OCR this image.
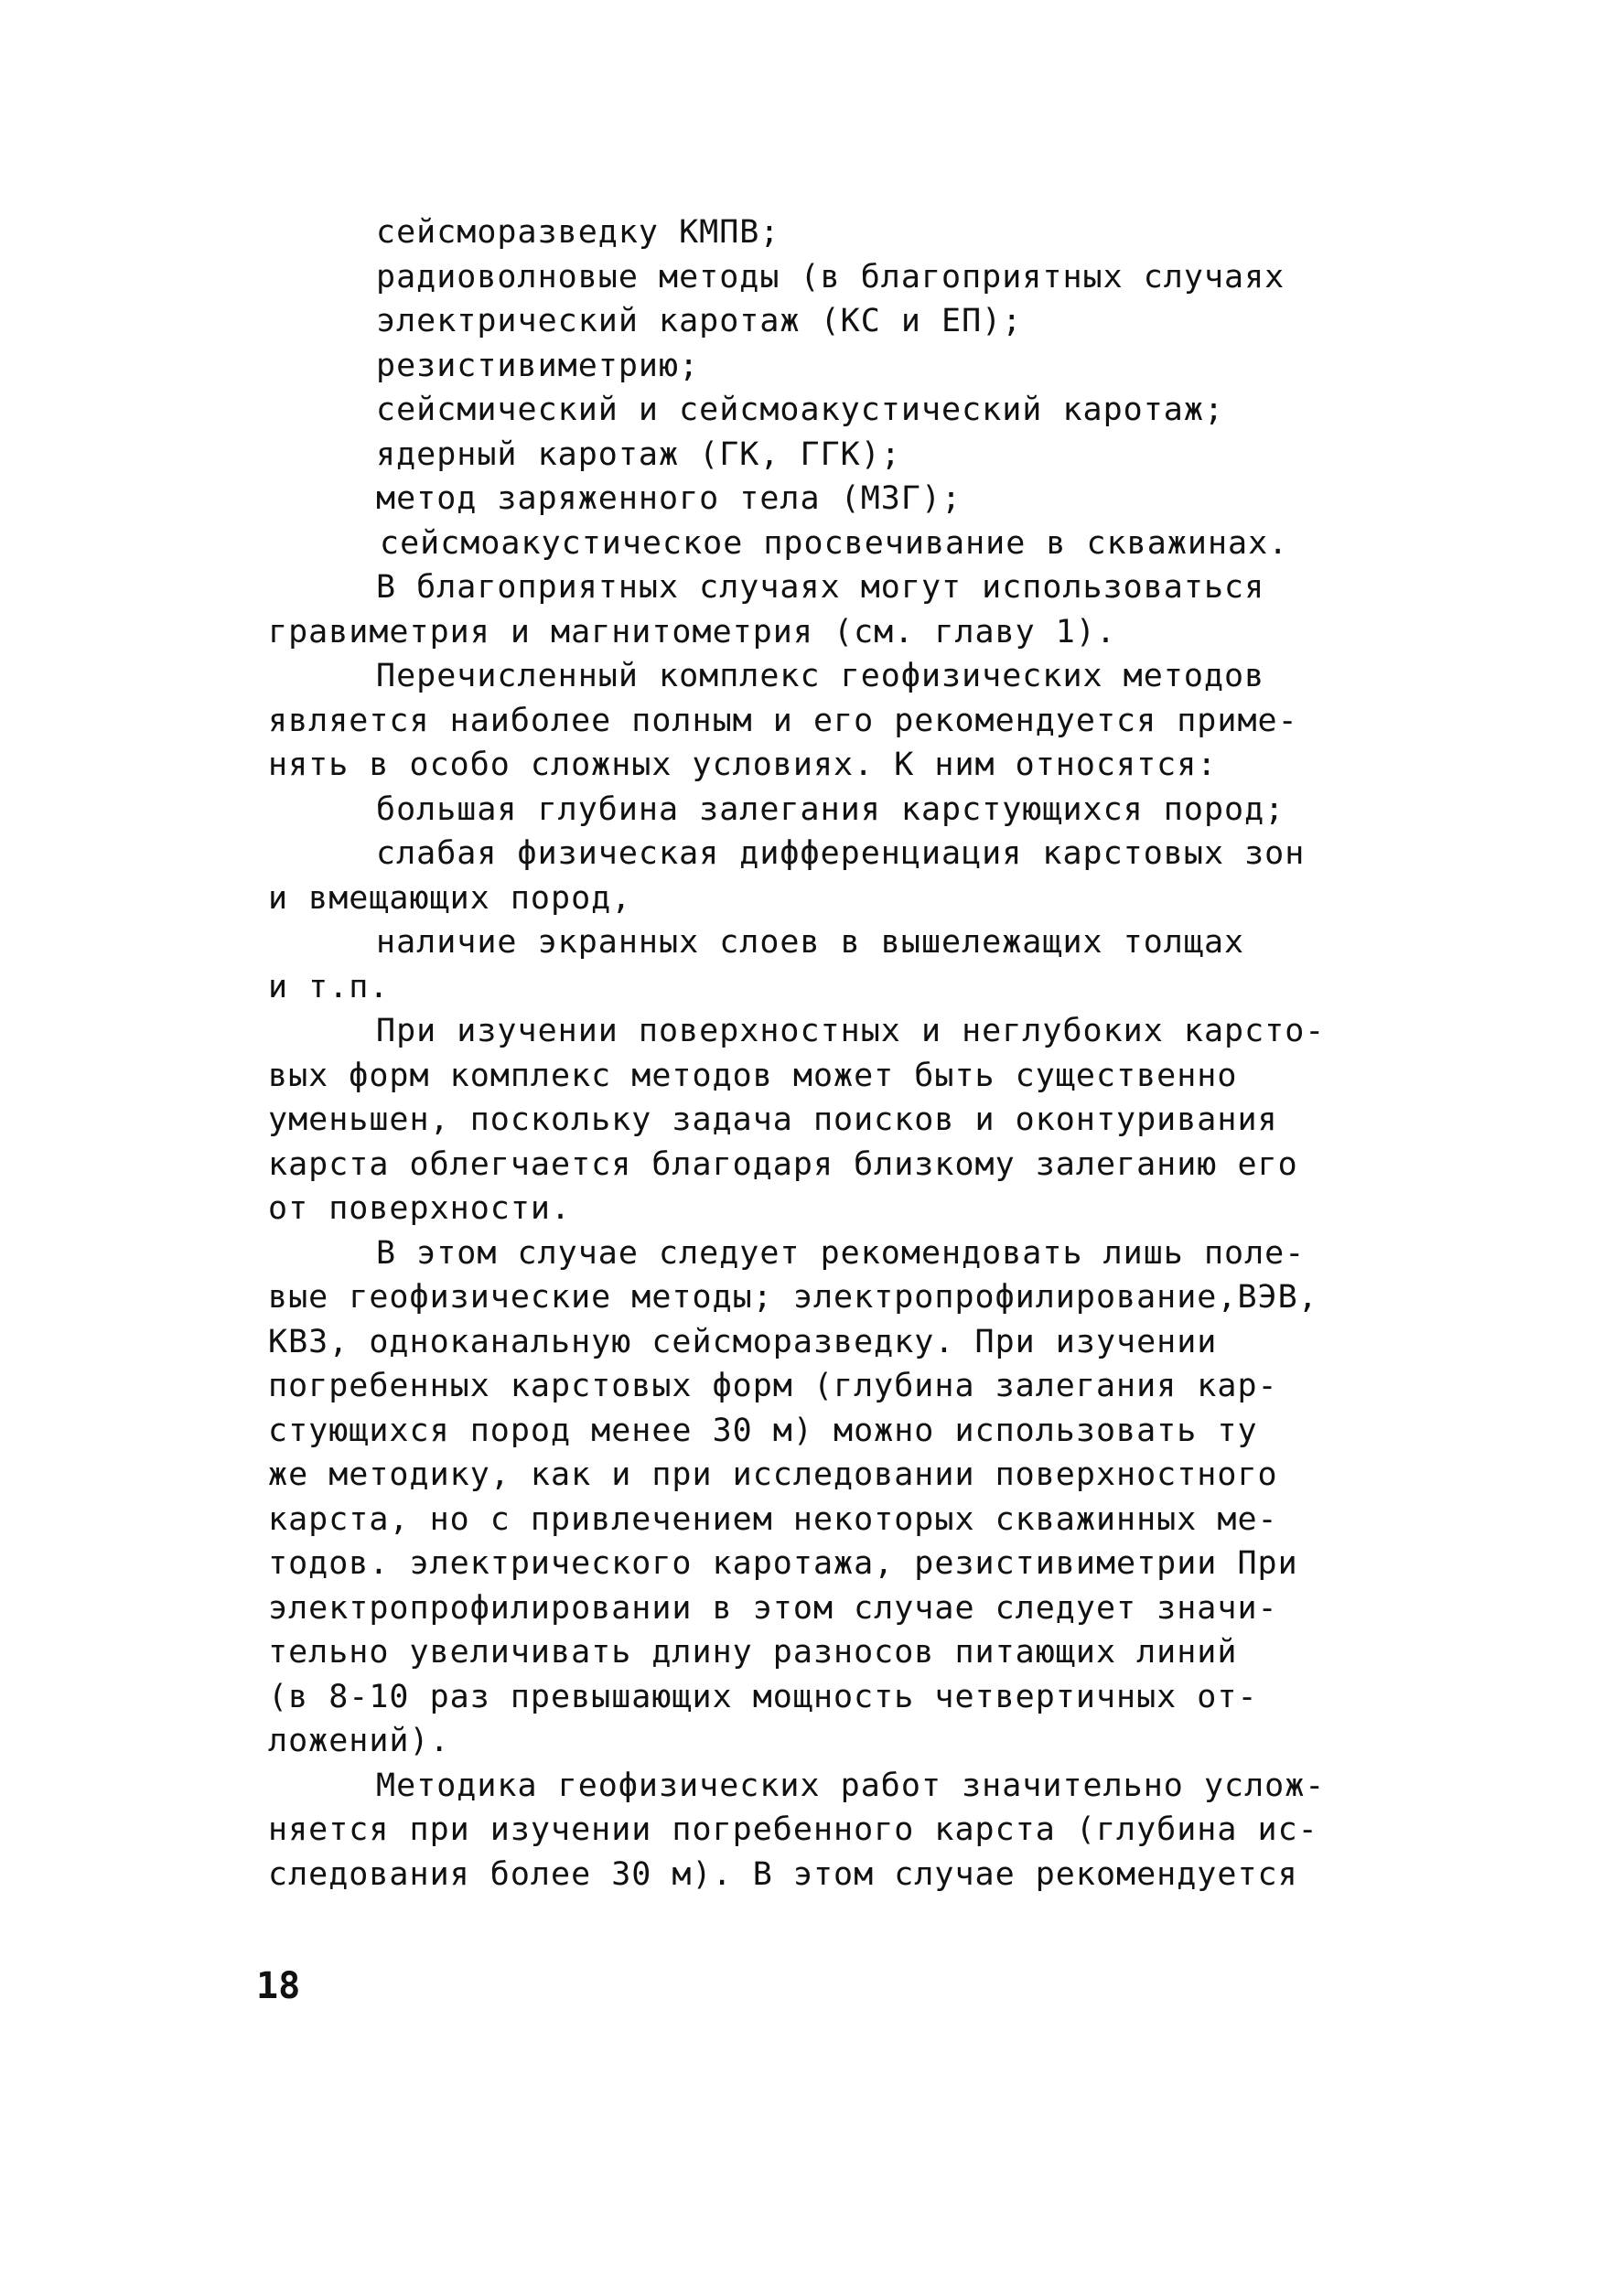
сейсморазведку КМПВ;
радиоволновые методы (в благоприятных случаях
электрический каротаж (КС и ЕП);
резистивиметрию;
сейсмический и сейсмоакустический каротаж;
ядерный каротаж (ГК, ГГК);
метод заряженного тела (МЗГ);
сейсмоакустическое просвечивание в скважинах.
В благоприятных случаях могут использоваться
гравиметрия и магнитометрия (см. главу 1).
Перечисленный комплекс геофизических методов
является наиболее полным и его рекомендуется приме-
нять в особо сложных условиях. К ним относятся:
большая глубина залегания карстующихся пород;
слабая физическая дифференциация карстовых зон
и вмещающих пород,
наличие экранных слоев в вышележащих толщах
и т.п.
При изучении поверхностных и неглубоких карсто-
вых форм комплекс методов может быть существенно
уменьшен, поскольку задача поисков и оконтуривания
карста облегчается благодаря близкому залеганию его
от поверхности.
В этом случае следует рекомендовать лишь поле-
вые геофизические методы; электропрофилирование,ВЭВ,
КВЗ, одноканальную сейсморазведку. При изучении
погребенных карстовых форм (глубина залегания кар-
стующихся пород менее 30 м) можно использовать ту
же методику, как и при исследовании поверхностного
карста, но с привлечением некоторых скважинных ме-
тодов. электрического каротажа, резистивиметрии При
электропрофилировании в этом случае следует значи-
тельно увеличивать длину разносов питающих линий
(в 8-10 раз превышающих мощность четвертичных от-
ложений).
Методика геофизических работ значительно услож-
няется при изучении погребенного карста (глубина ис-
следования более 30 м). В этом случае рекомендуется
18
